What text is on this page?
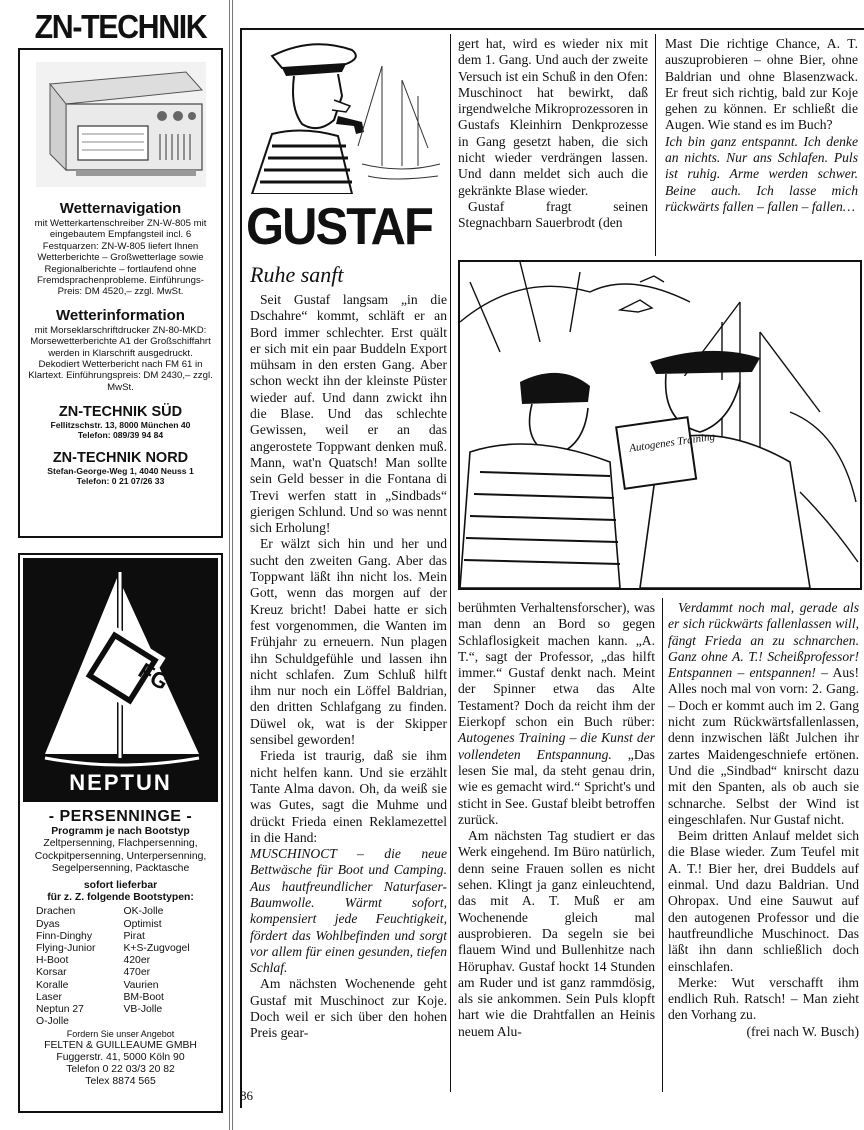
ZN-TECHNIK
Wetternavigation
mit Wetterkartenschreiber ZN-W-805 mit eingebautem Empfangsteil incl. 6 Festquarzen: ZN-W-805 liefert Ihnen Wetterberichte – Großwetterlage sowie Regionalberichte – fortlaufend ohne Fremdsprachenprobleme. Einführungs-Preis: DM 4520,– zzgl. MwSt.
Wetterinformation
mit Morseklarschriftdrucker ZN-80-MKD: Morsewetterberichte A1 der Großschiffahrt werden in Klarschrift ausgedruckt. Dekodiert Wetterbericht nach FM 61 in Klartext. Einführungspreis: DM 2430,– zzgl. MwSt.
ZN-TECHNIK SÜD
Fellitzschstr. 13, 8000 München 40
Telefon: 089/39 94 84
ZN-TECHNIK NORD
Stefan-George-Weg 1, 4040 Neuss 1
Telefon: 0 21 07/26 33
FG
NEPTUN
- PERSENNINGE -
Programm je nach Bootstyp
Zeltpersenning, Flachpersenning, Cockpitpersenning, Unterpersenning, Segelpersenning, Packtasche
sofort lieferbar
für z. Z. folgende Bootstypen:
Drachen	OK-Jolle
Dyas	Optimist
Finn-Dinghy	Pirat
Flying-Junior	K+S-Zugvogel
H-Boot	420er
Korsar	470er
Koralle	Vaurien
Laser	BM-Boot
Neptun 27	VB-Jolle
O-Jolle
Fordern Sie unser Angebot
FELTEN & GUILLEAUME GMBH
Fuggerstr. 41, 5000 Köln 90
Telefon 0 22 03/3 20 82
Telex 8874 565
GUSTAF
Ruhe sanft

Seit Gustaf langsam „in die Dschahre“ kommt, schläft er an Bord immer schlechter. Erst quält er sich mit ein paar Buddeln Export mühsam in den ersten Gang. Aber schon weckt ihn der kleinste Püster wieder auf. Und dann zwickt ihn die Blase. Und das schlechte Gewissen, weil er an das angerostete Toppwant denken muß. Mann, wat'n Quatsch! Man sollte sein Geld besser in die Fontana di Trevi werfen statt in „Sindbads“ gierigen Schlund. Und so was nennt sich Erholung!

Er wälzt sich hin und her und sucht den zweiten Gang. Aber das Toppwant läßt ihn nicht los. Mein Gott, wenn das morgen auf der Kreuz bricht! Dabei hatte er sich fest vorgenommen, die Wanten im Frühjahr zu erneuern. Nun plagen ihn Schuldgefühle und lassen ihn nicht schlafen. Zum Schluß hilft ihm nur noch ein Löffel Baldrian, den dritten Schlafgang zu finden. Düwel ok, wat is der Skipper sensibel geworden!

Frieda ist traurig, daß sie ihm nicht helfen kann. Und sie erzählt Tante Alma davon. Oh, da weiß sie was Gutes, sagt die Muhme und drückt Frieda einen Reklamezettel in die Hand:

MUSCHINOCT – die neue Bettwäsche für Boot und Camping. Aus hautfreundlicher Naturfaser-Baumwolle. Wärmt sofort, kompensiert jede Feuchtigkeit, fördert das Wohlbefinden und sorgt vor allem für einen gesunden, tiefen Schlaf.

Am nächsten Wochenende geht Gustaf mit Muschinoct zur Koje. Doch weil er sich über den hohen Preis gear-

gert hat, wird es wieder nix mit dem 1. Gang. Und auch der zweite Versuch ist ein Schuß in den Ofen: Muschinoct hat bewirkt, daß irgendwelche Mikroprozessoren in Gustafs Kleinhirn Denkprozesse in Gang gesetzt haben, die sich nicht wieder verdrängen lassen. Und dann meldet sich auch die gekränkte Blase wieder.

Gustaf fragt seinen Stegnachbarn Sauerbrodt (den

Mast Die richtige Chance, A. T. auszuprobieren – ohne Bier, ohne Baldrian und ohne Blasenzwack. Er freut sich richtig, bald zur Koje gehen zu können. Er schließt die Augen. Wie stand es im Buch?

Ich bin ganz entspannt. Ich denke an nichts. Nur ans Schlafen. Puls ist ruhig. Arme werden schwer. Beine auch. Ich lasse mich rückwärts fallen – fallen – fallen…

Autogenes Training

berühmten Verhaltensforscher), was man denn an Bord so gegen Schlaflosigkeit machen kann. „A. T.“, sagt der Professor, „das hilft immer.“ Gustaf denkt nach. Meint der Spinner etwa das Alte Testament? Doch da reicht ihm der Eierkopf schon ein Buch rüber: Autogenes Training – die Kunst der vollendeten Entspannung. „Das lesen Sie mal, da steht genau drin, wie es gemacht wird.“ Spricht's und sticht in See. Gustaf bleibt betroffen zurück.

Am nächsten Tag studiert er das Werk eingehend. Im Büro natürlich, denn seine Frauen sollen es nicht sehen. Klingt ja ganz einleuchtend, das mit A. T. Muß er am Wochenende gleich mal ausprobieren. Da segeln sie bei flauem Wind und Bullenhitze nach Höruphav. Gustaf hockt 14 Stunden am Ruder und ist ganz rammdösig, als sie ankommen. Sein Puls klopft hart wie die Drahtfallen an Heinis neuem Alu-

Verdammt noch mal, gerade als er sich rückwärts fallenlassen will, fängt Frieda an zu schnarchen. Ganz ohne A. T.! Scheißprofessor! Entspannen – entspannen! – Aus! Alles noch mal von vorn: 2. Gang. – Doch er kommt auch im 2. Gang nicht zum Rückwärtsfallenlassen, denn inzwischen läßt Julchen ihr zartes Maidengeschniefe ertönen. Und die „Sindbad“ knirscht dazu mit den Spanten, als ob auch sie schnarche. Selbst der Wind ist eingeschlafen. Nur Gustaf nicht.

Beim dritten Anlauf meldet sich die Blase wieder. Zum Teufel mit A. T.! Bier her, drei Buddels auf einmal. Und dazu Baldrian. Und Ohropax. Und eine Sauwut auf den autogenen Professor und die hautfreundliche Muschinoct. Das läßt ihn dann schließlich doch einschlafen.

Merke: Wut verschafft ihm endlich Ruh. Ratsch! – Man zieht den Vorhang zu.

(frei nach W. Busch)

86
